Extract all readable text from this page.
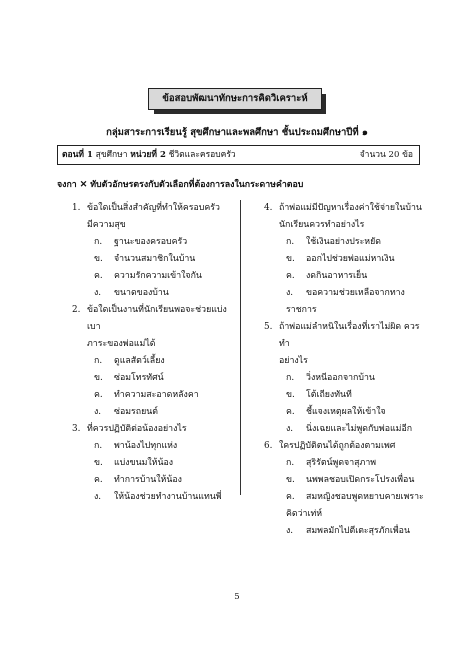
ข้อสอบพัฒนาทักษะการคิดวิเคราะห์
กลุ่มสาระการเรียนรู้ สุขศึกษาและพลศึกษา ชั้นประถมศึกษาปีที่ ๑
ตอนที่ 1 สุขศึกษา หน่วยที่ 2 ชีวิตและครอบครัว	จำนวน 20 ข้อ
จงกา ✕ ทับตัวอักษรตรงกับตัวเลือกที่ต้องการลงในกระดาษคำตอบ
1. ข้อใดเป็นสิ่งสำคัญที่ทำให้ครอบครัว
มีความสุข
ก. ฐานะของครอบครัว
ข. จำนวนสมาชิกในบ้าน
ค. ความรักความเข้าใจกัน
ง. ขนาดของบ้าน
2. ข้อใดเป็นงานที่นักเรียนพอจะช่วยแบ่งเบา
ภาระของพ่อแม่ได้
ก. ดูแลสัตว์เลี้ยง
ข. ซ่อมโทรทัศน์
ค. ทำความสะอาดหลังคา
ง. ซ่อมรถยนต์
3. ที่ควรปฏิบัติต่อน้องอย่างไร
ก. พาน้องไปทุกแห่ง
ข. แบ่งขนมให้น้อง
ค. ทำการบ้านให้น้อง
ง. ให้น้องช่วยทำงานบ้านแทนพี่
4. ถ้าพ่อแม่มีปัญหาเรื่องค่าใช้จ่ายในบ้าน
นักเรียนควรทำอย่างไร
ก. ใช้เงินอย่างประหยัด
ข. ออกไปช่วยพ่อแม่หาเงิน
ค. งดกินอาหารเย็น
ง. ขอความช่วยเหลือจากทางราชการ
5. ถ้าพ่อแม่ลำหนิในเรื่องที่เราไม่ผิด ควรทำ
อย่างไร
ก. วิ่งหนีออกจากบ้าน
ข. โต้เถียงทันที
ค. ชี้แจงเหตุผลให้เข้าใจ
ง. นิ่งเฉยและไม่พูดกับพ่อแม่อีก
6. ใครปฏิบัติตนได้ถูกต้องตามเพศ
ก. สุริรัตน์พูดจาสุภาพ
ข. นพพลชอบเปิดกระโปรงเพื่อน
ค. สมหญิงชอบพูดหยาบคายเพราะคิดว่าเท่ห์
ง. สมพลมักไปตีเตะสุรภักเพื่อน
5
